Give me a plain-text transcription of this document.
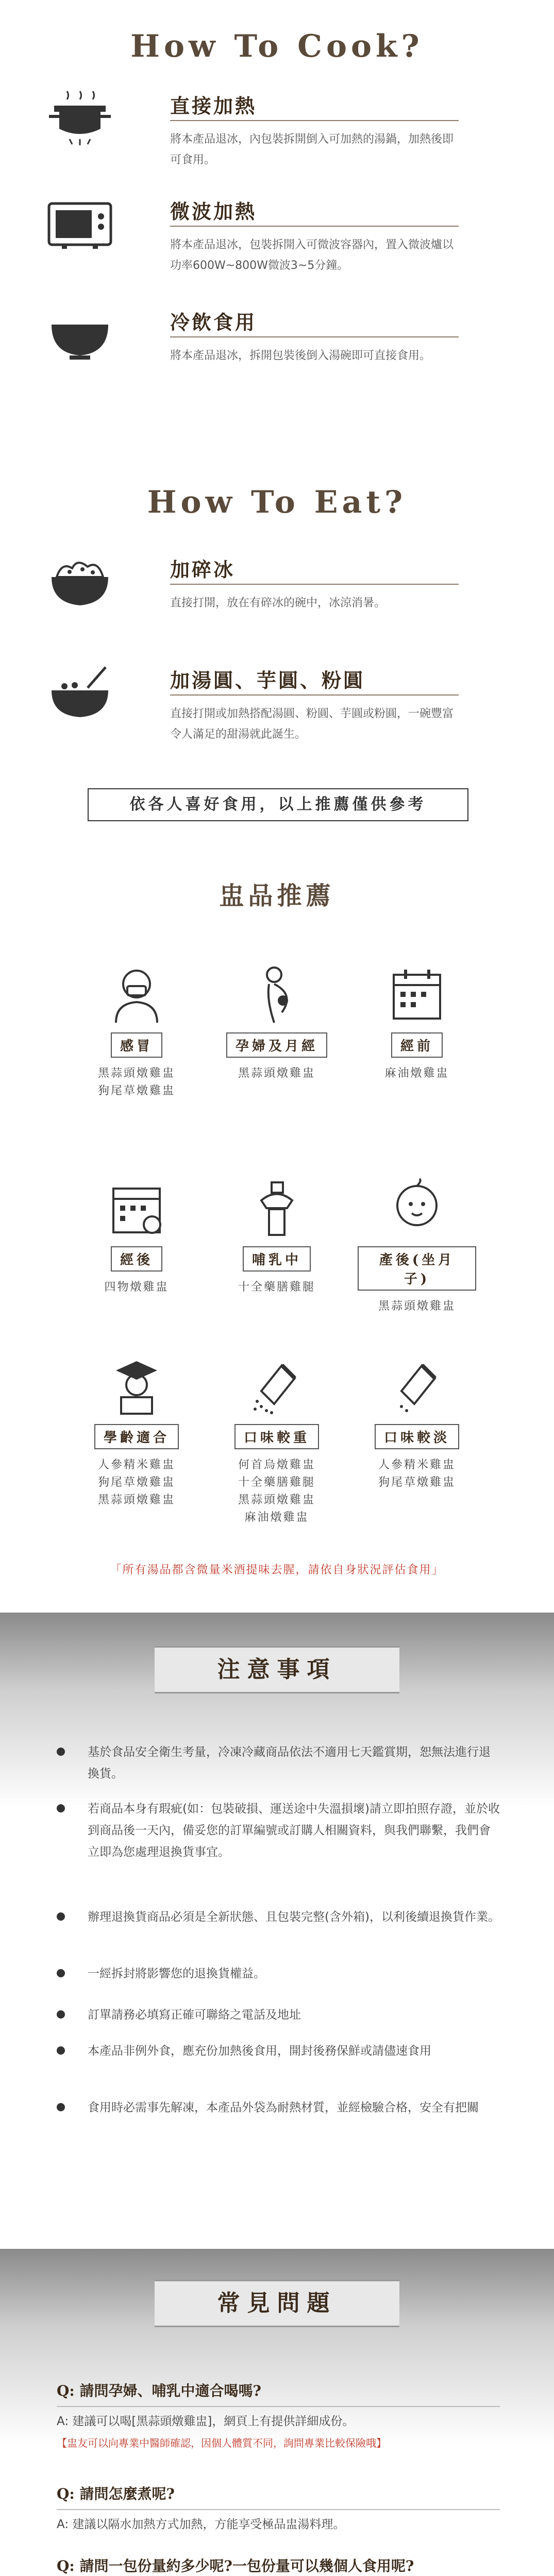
How To Cook?
直接加熱
將本產品退冰，內包裝拆開倒入可加熱的湯鍋，加熱後即可食用。
微波加熱
將本產品退冰，包裝拆開入可微波容器內，置入微波爐以功率600W~800W微波3~5分鐘。
冷飲食用
將本產品退冰，拆開包裝後倒入湯碗即可直接食用。
How To Eat?
加碎冰
直接打開，放在有碎冰的碗中，冰涼消暑。
加湯圓、芋圓、粉圓
直接打開或加熱搭配湯圓、粉圓、芋圓或粉圓，一碗豐富令人滿足的甜湯就此誕生。
依各人喜好食用，以上推薦僅供參考
盅品推薦
感冒
黑蒜頭燉雞盅
狗尾草燉雞盅
孕婦及月經
黑蒜頭燉雞盅
經前
麻油燉雞盅
經後
四物燉雞盅
哺乳中
十全藥膳雞腿
產後(坐月子)
黑蒜頭燉雞盅
學齡適合
人參精米雞盅
狗尾草燉雞盅
黑蒜頭燉雞盅
口味較重
何首烏燉雞盅
十全藥膳雞腿
黑蒜頭燉雞盅
麻油燉雞盅
口味較淡
人參精米雞盅
狗尾草燉雞盅
「所有湯品都含微量米酒提味去腥，請依自身狀況評估食用」
注意事項
基於食品安全衛生考量，冷凍冷藏商品依法不適用七天鑑賞期，恕無法進行退換貨。
若商品本身有瑕疵(如：包裝破損、運送途中失溫損壞)請立即拍照存證，並於收到商品後一天內，備妥您的訂單編號或訂購人相關資料，與我們聯繫，我們會立即為您處理退換貨事宜。
辦理退換貨商品必須是全新狀態、且包裝完整(含外箱)，以利後續退換貨作業。
一經拆封將影響您的退換貨權益。
訂單請務必填寫正確可聯絡之電話及地址
本產品非例外食，應充份加熱後食用，開封後務保鮮或請儘速食用
食用時必需事先解凍，本產品外袋為耐熱材質，並經檢驗合格，安全有把關
常見問題
Q: 請問孕婦、哺乳中適合喝嗎?
A: 建議可以喝[黑蒜頭燉雞盅]，網頁上有提供詳細成份。
【盅友可以向專業中醫師確認，因個人體質不同，詢問專業比較保險哦】
Q: 請問怎麼煮呢?
A: 建議以隔水加熱方式加熱，方能享受極品盅湯料理。
Q: 請問一包份量約多少呢?一包份量可以幾個人食用呢?
